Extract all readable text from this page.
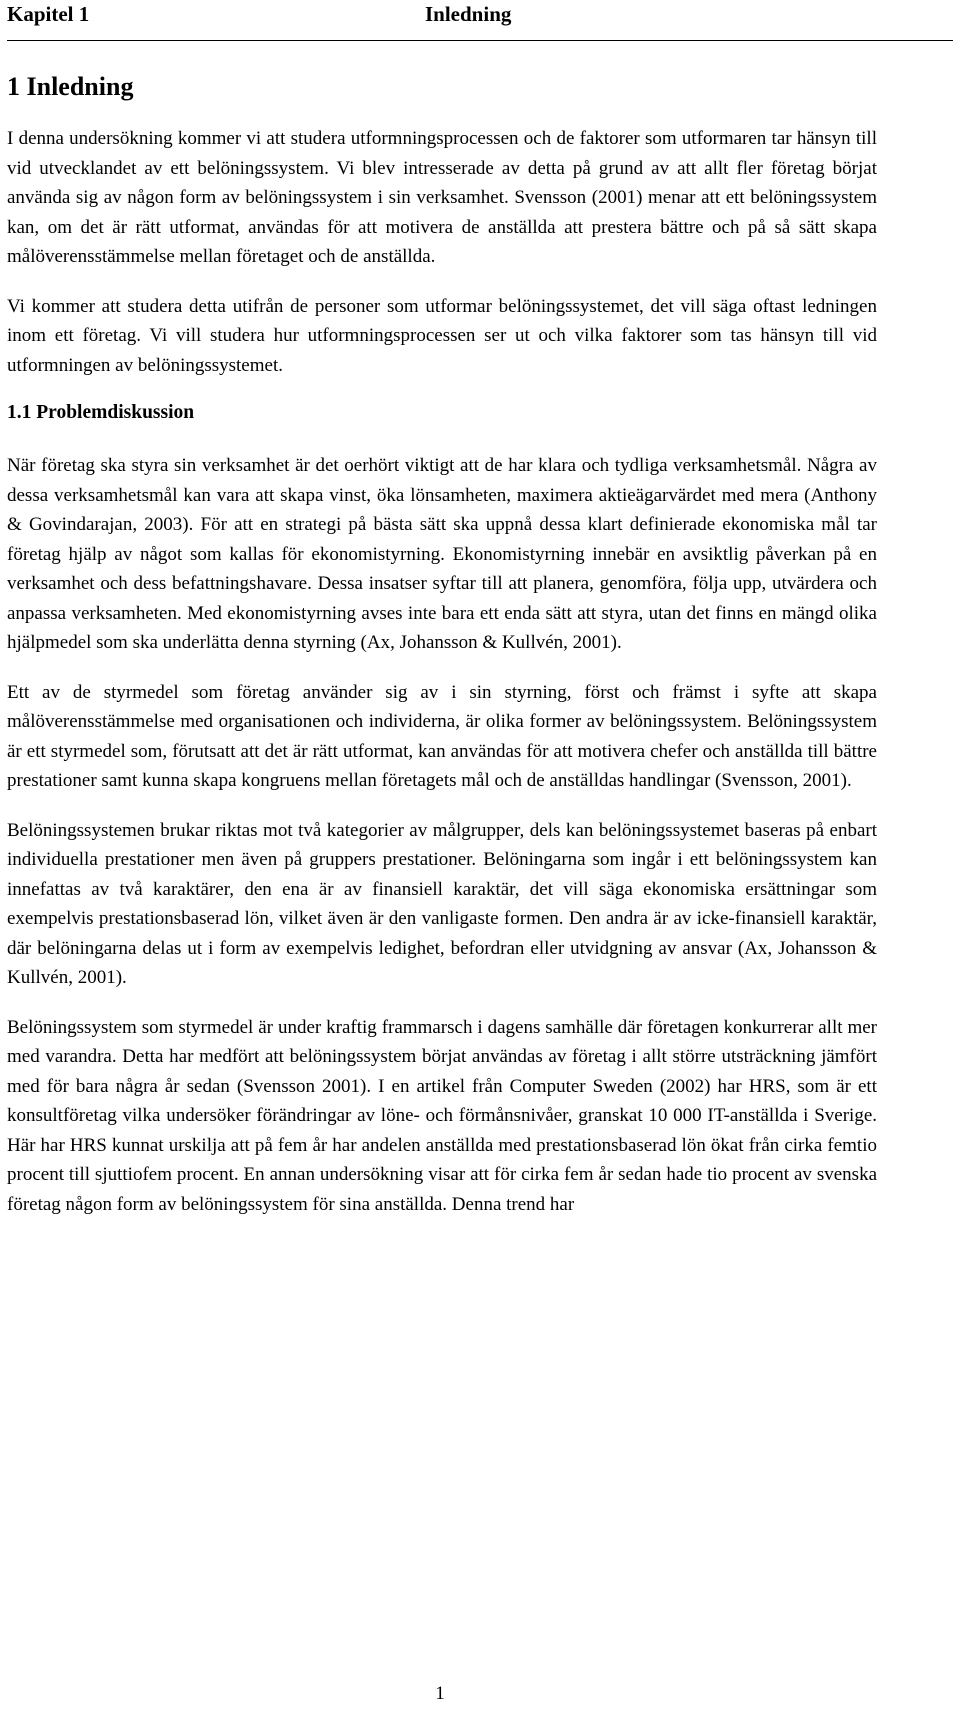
Kapitel 1	Inledning
1 Inledning

I denna undersökning kommer vi att studera utformningsprocessen och de faktorer som utformaren tar hänsyn till vid utvecklandet av ett belöningssystem. Vi blev intresserade av detta på grund av att allt fler företag börjat använda sig av någon form av belöningssystem i sin verksamhet. Svensson (2001) menar att ett belöningssystem kan, om det är rätt utformat, användas för att motivera de anställda att prestera bättre och på så sätt skapa målöverensstämmelse mellan företaget och de anställda.

Vi kommer att studera detta utifrån de personer som utformar belöningssystemet, det vill säga oftast ledningen inom ett företag. Vi vill studera hur utformningsprocessen ser ut och vilka faktorer som tas hänsyn till vid utformningen av belöningssystemet.

1.1 Problemdiskussion

När företag ska styra sin verksamhet är det oerhört viktigt att de har klara och tydliga verksamhetsmål. Några av dessa verksamhetsmål kan vara att skapa vinst, öka lönsamheten, maximera aktieägarvärdet med mera (Anthony & Govindarajan, 2003). För att en strategi på bästa sätt ska uppnå dessa klart definierade ekonomiska mål tar företag hjälp av något som kallas för ekonomistyrning. Ekonomistyrning innebär en avsiktlig påverkan på en verksamhet och dess befattningshavare. Dessa insatser syftar till att planera, genomföra, följa upp, utvärdera och anpassa verksamheten. Med ekonomistyrning avses inte bara ett enda sätt att styra, utan det finns en mängd olika hjälpmedel som ska underlätta denna styrning (Ax, Johansson & Kullvén, 2001).

Ett av de styrmedel som företag använder sig av i sin styrning, först och främst i syfte att skapa målöverensstämmelse med organisationen och individerna, är olika former av belöningssystem. Belöningssystem är ett styrmedel som, förutsatt att det är rätt utformat, kan användas för att motivera chefer och anställda till bättre prestationer samt kunna skapa kongruens mellan företagets mål och de anställdas handlingar (Svensson, 2001).

Belöningssystemen brukar riktas mot två kategorier av målgrupper, dels kan belöningssystemet baseras på enbart individuella prestationer men även på gruppers prestationer. Belöningarna som ingår i ett belöningssystem kan innefattas av två karaktärer, den ena är av finansiell karaktär, det vill säga ekonomiska ersättningar som exempelvis prestationsbaserad lön, vilket även är den vanligaste formen. Den andra är av icke-finansiell karaktär, där belöningarna delas ut i form av exempelvis ledighet, befordran eller utvidgning av ansvar (Ax, Johansson & Kullvén, 2001).

Belöningssystem som styrmedel är under kraftig frammarsch i dagens samhälle där företagen konkurrerar allt mer med varandra. Detta har medfört att belöningssystem börjat användas av företag i allt större utsträckning jämfört med för bara några år sedan (Svensson 2001). I en artikel från Computer Sweden (2002) har HRS, som är ett konsultföretag vilka undersöker förändringar av löne- och förmånsnivåer, granskat 10 000 IT-anställda i Sverige. Här har HRS kunnat urskilja att på fem år har andelen anställda med prestationsbaserad lön ökat från cirka femtio procent till sjuttiofem procent. En annan undersökning visar att för cirka fem år sedan hade tio procent av svenska företag någon form av belöningssystem för sina anställda. Denna trend har

1
